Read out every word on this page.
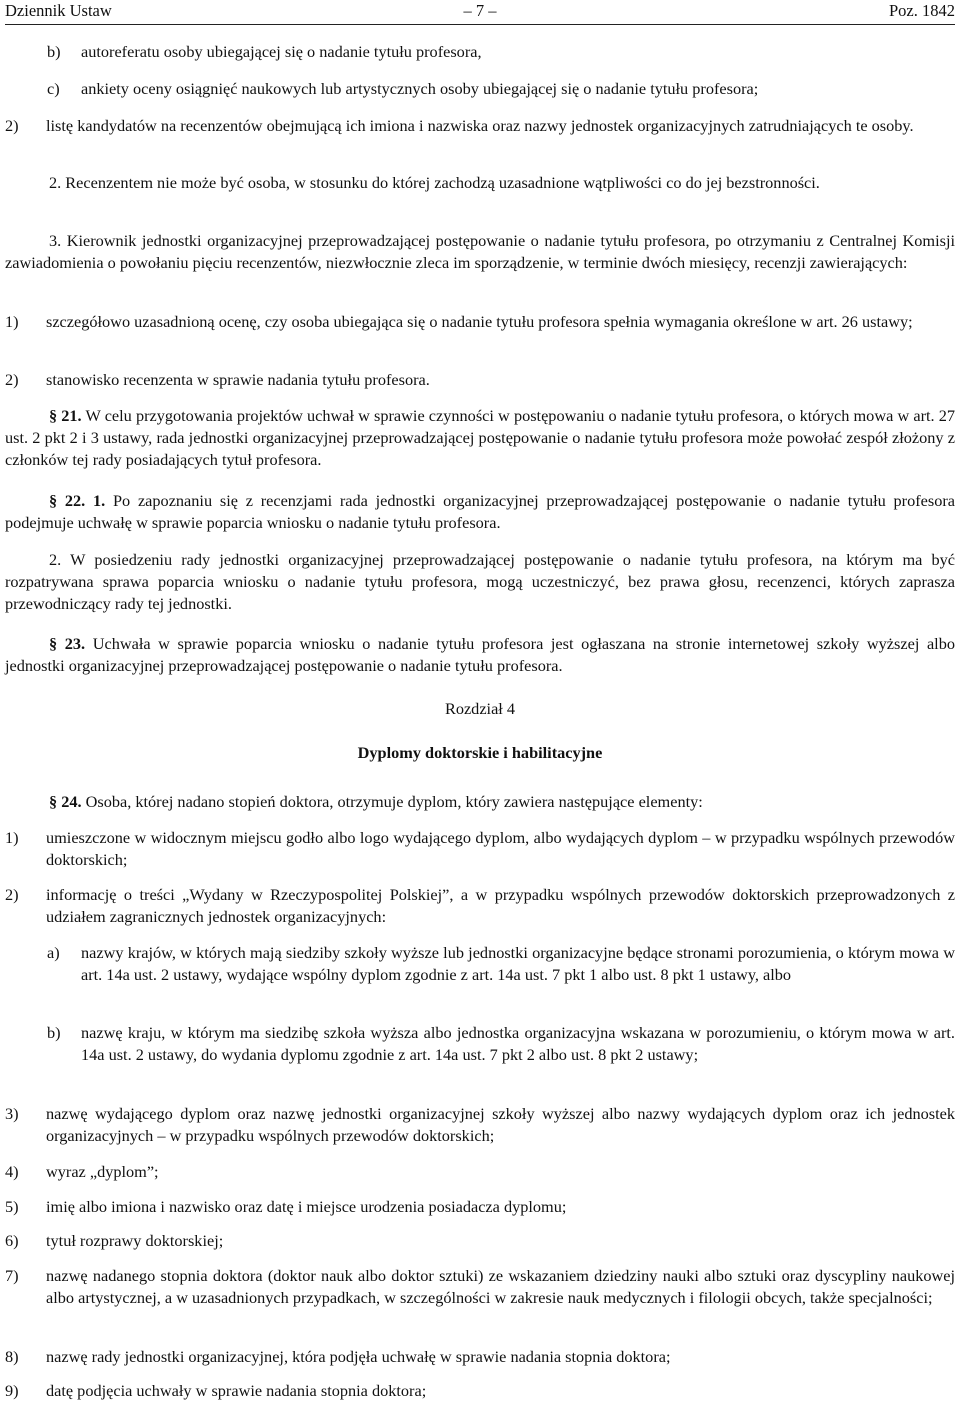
Dziennik Ustaw	– 7 –	Poz. 1842
b) autoreferatu osoby ubiegającej się o nadanie tytułu profesora,
c) ankiety oceny osiągnięć naukowych lub artystycznych osoby ubiegającej się o nadanie tytułu profesora;
2) listę kandydatów na recenzentów obejmującą ich imiona i nazwiska oraz nazwy jednostek organizacyjnych zatrudniających te osoby.
2. Recenzentem nie może być osoba, w stosunku do której zachodzą uzasadnione wątpliwości co do jej bezstronności.
3. Kierownik jednostki organizacyjnej przeprowadzającej postępowanie o nadanie tytułu profesora, po otrzymaniu z Centralnej Komisji zawiadomienia o powołaniu pięciu recenzentów, niezwłocznie zleca im sporządzenie, w terminie dwóch miesięcy, recenzji zawierających:
1) szczegółowo uzasadnioną ocenę, czy osoba ubiegająca się o nadanie tytułu profesora spełnia wymagania określone w art. 26 ustawy;
2) stanowisko recenzenta w sprawie nadania tytułu profesora.
§ 21. W celu przygotowania projektów uchwał w sprawie czynności w postępowaniu o nadanie tytułu profesora, o których mowa w art. 27 ust. 2 pkt 2 i 3 ustawy, rada jednostki organizacyjnej przeprowadzającej postępowanie o nadanie tytułu profesora może powołać zespół złożony z członków tej rady posiadających tytuł profesora.
§ 22. 1. Po zapoznaniu się z recenzjami rada jednostki organizacyjnej przeprowadzającej postępowanie o nadanie tytułu profesora podejmuje uchwałę w sprawie poparcia wniosku o nadanie tytułu profesora.
2. W posiedzeniu rady jednostki organizacyjnej przeprowadzającej postępowanie o nadanie tytułu profesora, na którym ma być rozpatrywana sprawa poparcia wniosku o nadanie tytułu profesora, mogą uczestniczyć, bez prawa głosu, recenzenci, których zaprasza przewodniczący rady tej jednostki.
§ 23. Uchwała w sprawie poparcia wniosku o nadanie tytułu profesora jest ogłaszana na stronie internetowej szkoły wyższej albo jednostki organizacyjnej przeprowadzającej postępowanie o nadanie tytułu profesora.
Rozdział 4
Dyplomy doktorskie i habilitacyjne
§ 24. Osoba, której nadano stopień doktora, otrzymuje dyplom, który zawiera następujące elementy:
1) umieszczone w widocznym miejscu godło albo logo wydającego dyplom, albo wydających dyplom – w przypadku wspólnych przewodów doktorskich;
2) informację o treści „Wydany w Rzeczypospolitej Polskiej”, a w przypadku wspólnych przewodów doktorskich przeprowadzonych z udziałem zagranicznych jednostek organizacyjnych:
a) nazwy krajów, w których mają siedziby szkoły wyższe lub jednostki organizacyjne będące stronami porozumienia, o którym mowa w art. 14a ust. 2 ustawy, wydające wspólny dyplom zgodnie z art. 14a ust. 7 pkt 1 albo ust. 8 pkt 1 ustawy, albo
b) nazwę kraju, w którym ma siedzibę szkoła wyższa albo jednostka organizacyjna wskazana w porozumieniu, o którym mowa w art. 14a ust. 2 ustawy, do wydania dyplomu zgodnie z art. 14a ust. 7 pkt 2 albo ust. 8 pkt 2 ustawy;
3) nazwę wydającego dyplom oraz nazwę jednostki organizacyjnej szkoły wyższej albo nazwy wydających dyplom oraz ich jednostek organizacyjnych – w przypadku wspólnych przewodów doktorskich;
4) wyraz „dyplom”;
5) imię albo imiona i nazwisko oraz datę i miejsce urodzenia posiadacza dyplomu;
6) tytuł rozprawy doktorskiej;
7) nazwę nadanego stopnia doktora (doktor nauk albo doktor sztuki) ze wskazaniem dziedziny nauki albo sztuki oraz dyscypliny naukowej albo artystycznej, a w uzasadnionych przypadkach, w szczególności w zakresie nauk medycznych i filologii obcych, także specjalności;
8) nazwę rady jednostki organizacyjnej, która podjęła uchwałę w sprawie nadania stopnia doktora;
9) datę podjęcia uchwały w sprawie nadania stopnia doktora;
